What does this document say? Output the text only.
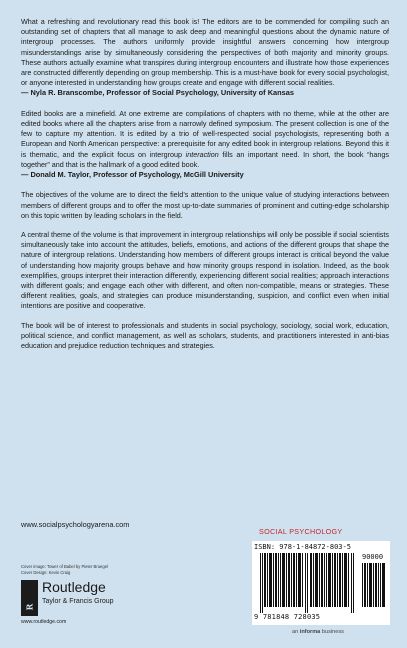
What a refreshing and revolutionary read this book is! The editors are to be commended for compiling such an outstanding set of chapters that all manage to ask deep and meaningful questions about the dynamic nature of intergroup processes. The authors uniformly provide insightful answers concerning how intergroup misunderstandings arise by simultaneously considering the perspectives of both majority and minority groups. These authors actually examine what transpires during intergroup encounters and illustrate how those experiences are constructed differently depending on group membership. This is a must-have book for every social psychologist, or anyone interested in understanding how groups create and engage with different social realities.

— Nyla R. Branscombe, Professor of Social Psychology, University of Kansas

Edited books are a minefield. At one extreme are compilations of chapters with no theme, while at the other are edited books where all the chapters arise from a narrowly defined symposium. The present collection is one of the few to capture my attention. It is edited by a trio of well-respected social psychologists, representing both a European and North American perspective: a prerequisite for any edited book in intergroup relations. Beyond this it is thematic, and the explicit focus on intergroup interaction fills an important need. In short, the book “hangs together” and that is the hallmark of a good edited book.

— Donald M. Taylor, Professor of Psychology, McGill University

The objectives of the volume are to direct the field’s attention to the unique value of studying interactions between members of different groups and to offer the most up-to-date summaries of prominent and cutting-edge scholarship on this topic written by leading scholars in the field.

A central theme of the volume is that improvement in intergroup relationships will only be possible if social scientists simultaneously take into account the attitudes, beliefs, emotions, and actions of the different groups that shape the nature of intergroup relations. Understanding how members of different groups interact is critical beyond the value of understanding how majority groups behave and how minority groups respond in isolation. Indeed, as the book exemplifies, groups interpret their interaction differently, experiencing different social realities; approach interactions with different goals; and engage each other with different, and often non-compatible, means or strategies. These different realities, goals, and strategies can produce misunderstanding, suspicion, and conflict even when initial intentions are positive and cooperative.

The book will be of interest to professionals and students in social psychology, sociology, social work, education, political science, and conflict management, as well as scholars, students, and practitioners interested in anti-bias education and prejudice reduction techniques and strategies.

www.socialpsychologyarena.com
SOCIAL PSYCHOLOGY
Cover image: Tower of Babel by Pieter Bruegel
Cover Design: Kevin Craig
R
Routledge
Taylor & Francis Group
www.routledge.com
ISBN: 978-1-84872-803-5
90000
9 781848 728035
an informa business
